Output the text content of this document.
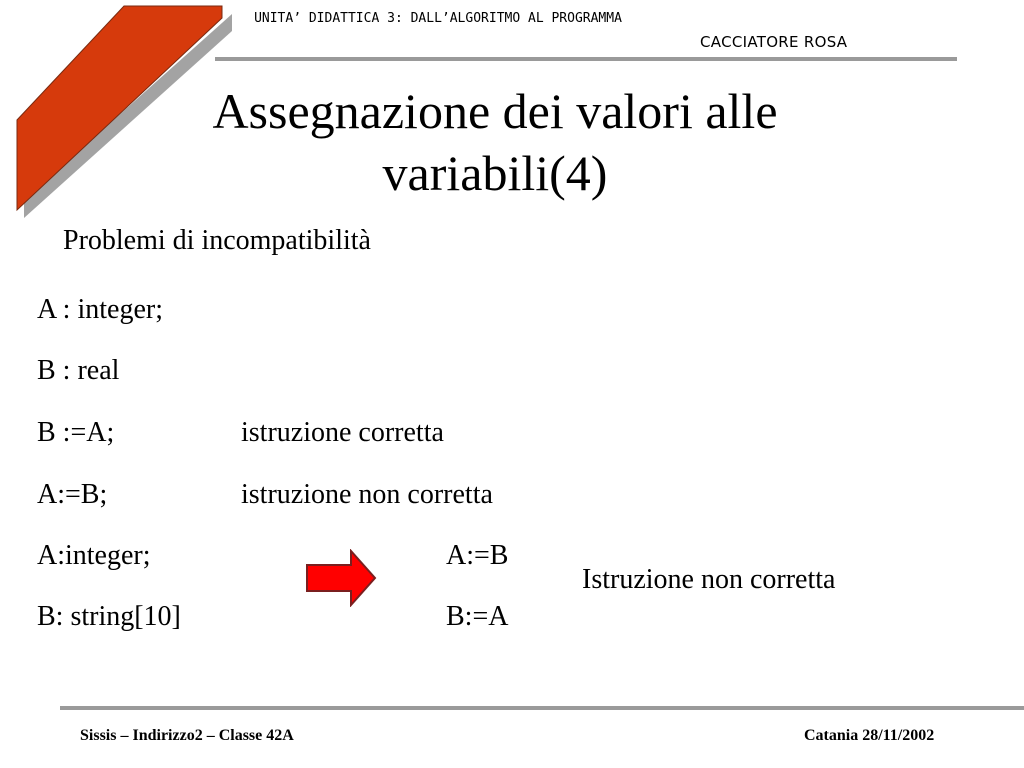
UNITA’ DIDATTICA 3: DALL’ALGORITMO AL PROGRAMMA
CACCIATORE ROSA
Assegnazione dei valori alle variabili(4)
Problemi di incompatibilità
A : integer;
B : real
B :=A;	istruzione corretta
A:=B;	istruzione non corretta
A:integer;
B: string[10]
A:=B
B:=A
Istruzione non corretta
Sissis – Indirizzo2 – Classe 42A	Catania 28/11/2002
